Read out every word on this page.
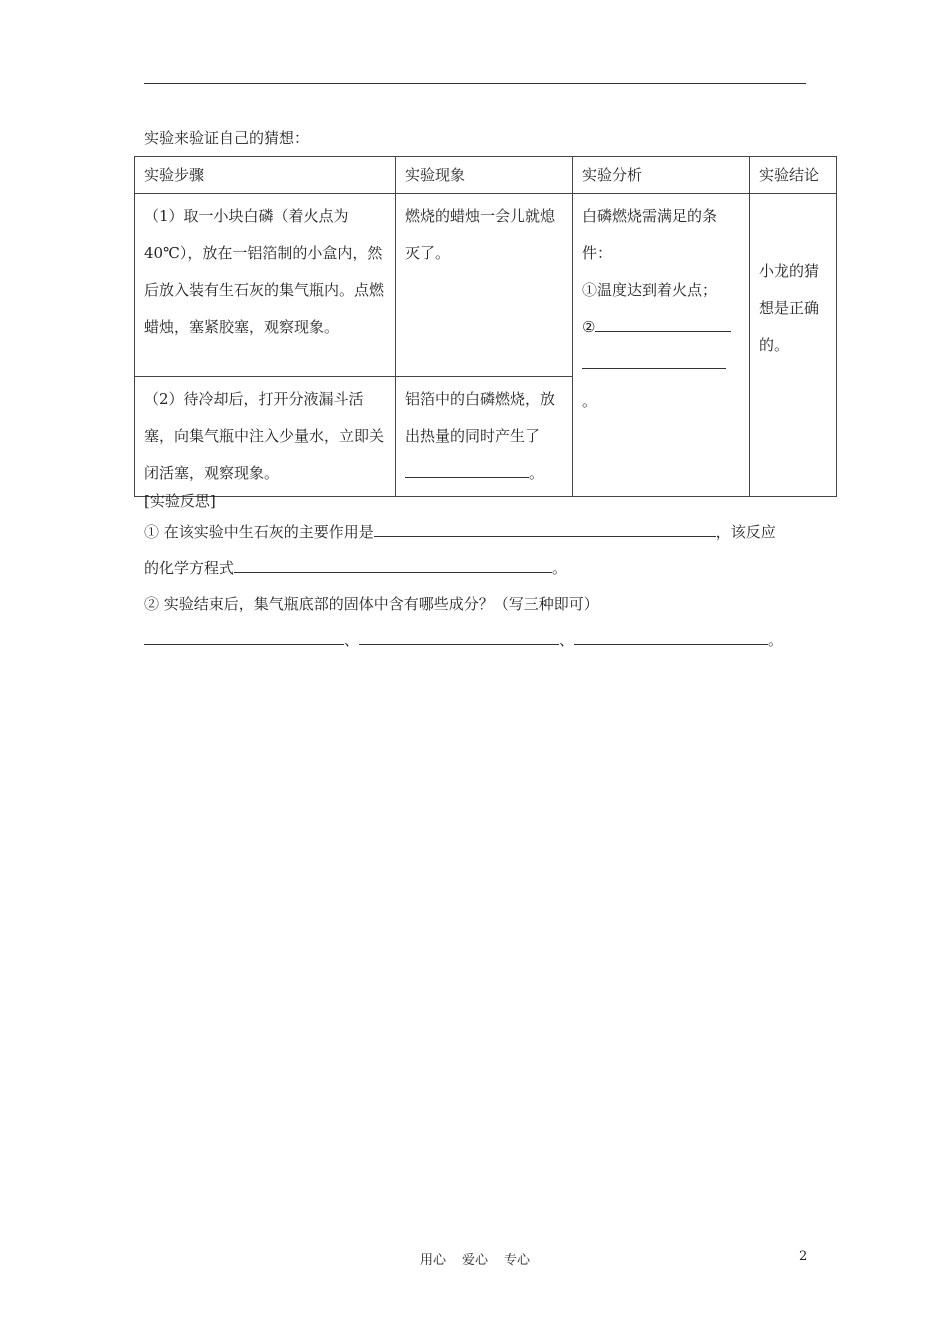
实验来验证自己的猜想：
实验步骤	实验现象	实验分析	实验结论
（1）取一小块白磷（着火点为40℃），放在一铝箔制的小盒内，然后放入装有生石灰的集气瓶内。点燃蜡烛，塞紧胶塞，观察现象。	燃烧的蜡烛一会儿就熄灭了。	白磷燃烧需满足的条件：
①温度达到着火点；
②
。	小龙的猜想是正确的。

（2）待冷却后，打开分液漏斗活塞，向集气瓶中注入少量水，立即关闭活塞，观察现象。	铝箔中的白磷燃烧，放出热量的同时产生了。		

[实验反思]

① 在该实验中生石灰的主要作用是	，该反应

的化学方程式	。

② 实验结束后，集气瓶底部的固体中含有哪些成分？（写三种即可）

、	、	。

用心 爱心 专心	2
